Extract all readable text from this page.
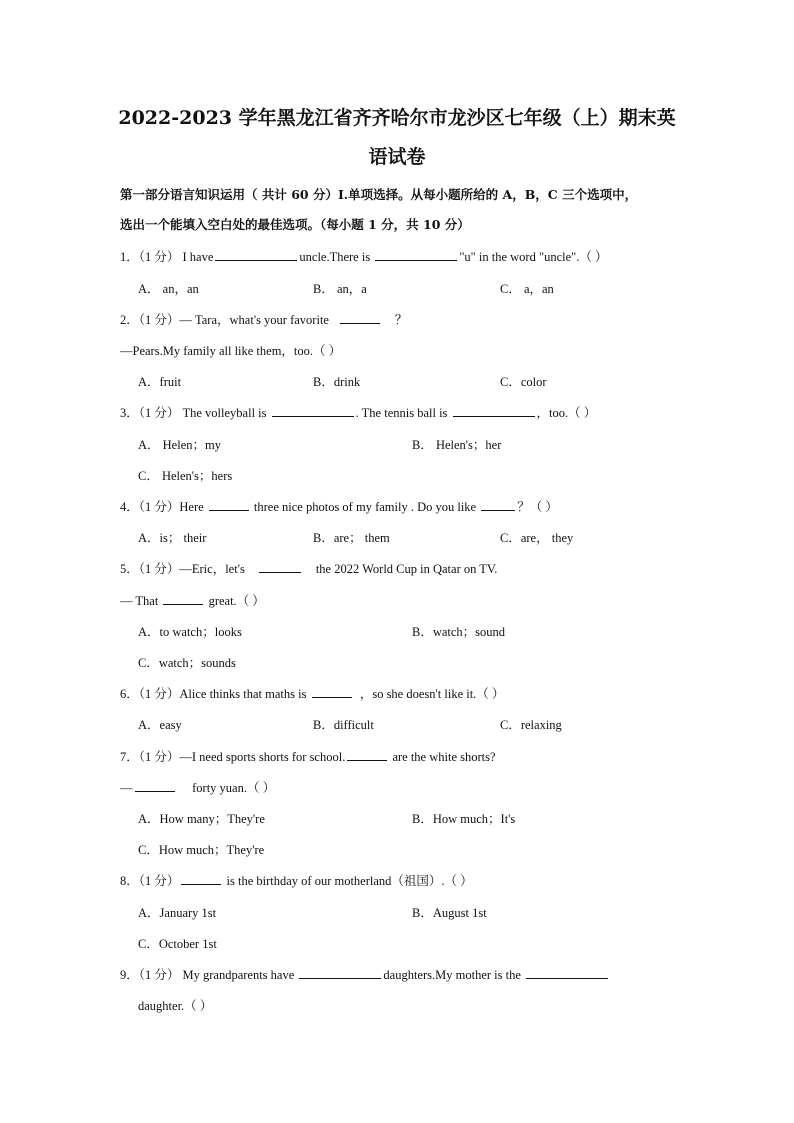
2022-2023 学年黑龙江省齐齐哈尔市龙沙区七年级（上）期末英
语试卷
第一部分语言知识运用（ 共计 60 分）I.单项选择。从每小题所给的 A，B，C 三个选项中，
选出一个能填入空白处的最佳选项。（每小题 1 分，共 10 分）
1．（1 分） I have	uncle.There is	"u" in the word "uncle".（ ）
A． an，an	B． an，a	C． a，an
2．（1 分）— Tara，what's your favorite	？
—Pears.My family all like them，too.（ ）
A．fruit	B．drink	C．color
3．（1 分） The volleyball is	. The tennis ball is	，too.（ ）
A． Helen；my	B． Helen's；her
C． Helen's；hers
4．（1 分）Here	three nice photos of my family . Do you like	？（ ）
A．is； their	B．are； them	C．are， they
5．（1 分）—Eric，let's	the 2022 World Cup in Qatar on TV.
— That	great.（ ）
A．to watch；looks	B．watch；sound
C．watch；sounds
6．（1 分）Alice thinks that maths is	，so she doesn't like it.（ ）
A．easy	B．difficult	C．relaxing
7．（1 分）—I need sports shorts for school.	are the white shorts?
—	forty yuan.（ ）
A．How many；They're	B．How much；It's
C．How much；They're
8．（1 分）	is the birthday of our motherland（祖国）.（ ）
A．January 1st	B．August 1st
C．October 1st
9．（1 分） My grandparents have	daughters.My mother is the
daughter.（ ）
